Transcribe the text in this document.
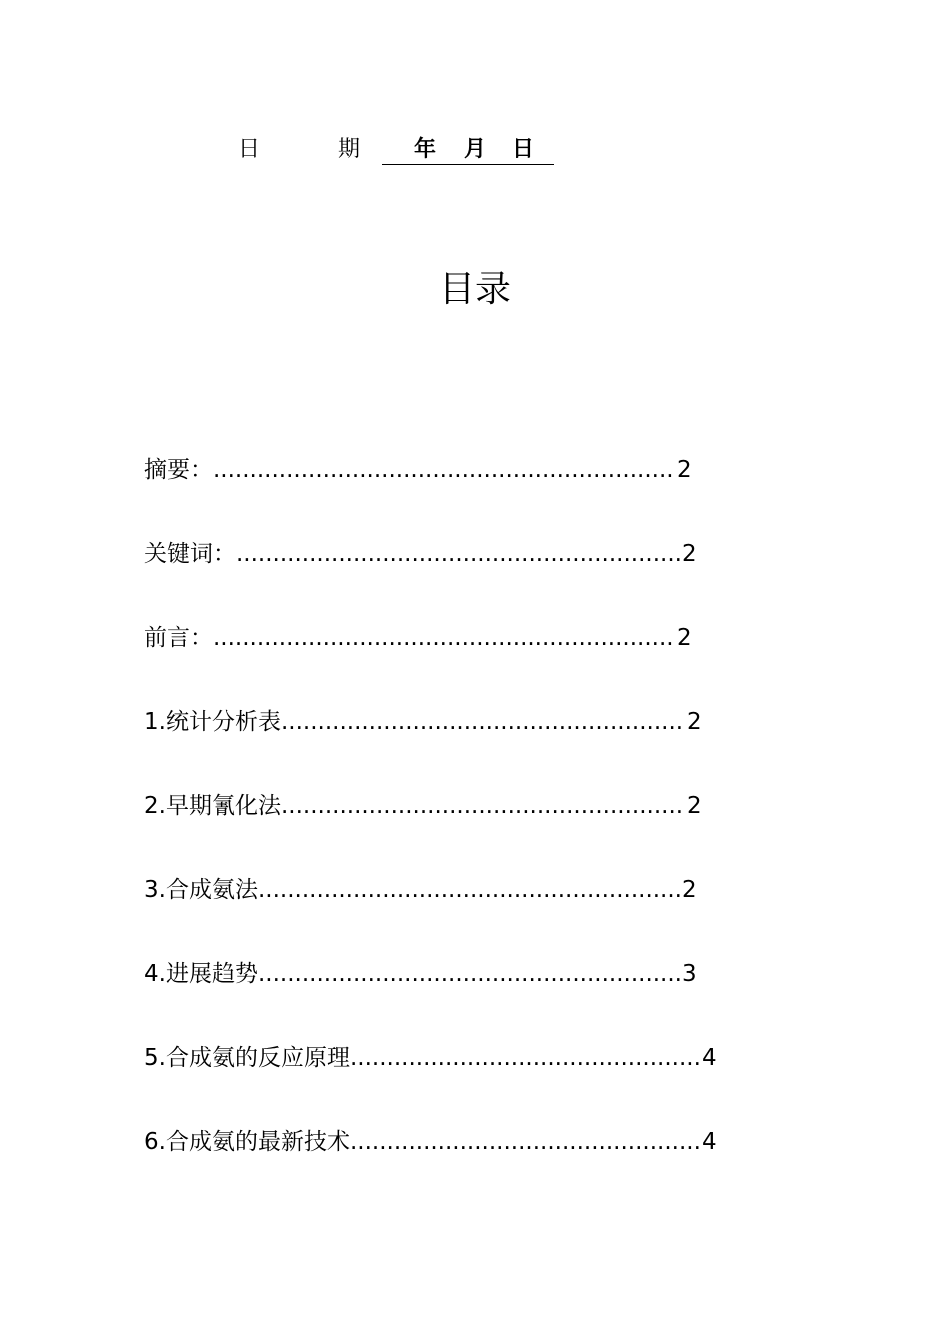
日	期 年 月 日
目录
摘要：............................................................... 2
关键词：.............................................................2
前言：............................................................... 2
1.统计分析表....................................................... 2
2.早期氰化法....................................................... 2
3.合成氨法..........................................................2
4.进展趋势..........................................................3
5.合成氨的反应原理................................................4
6.合成氨的最新技术................................................4
